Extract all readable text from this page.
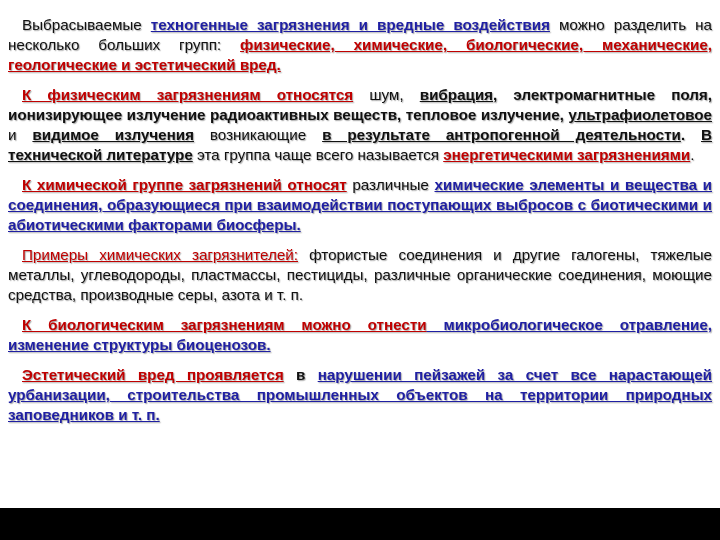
Выбрасываемые техногенные загрязнения и вредные воздействия можно разделить на несколько больших групп: физические, химические, биологические, механические, геологические и эстетический вред.

К физическим загрязнениям относятся шум, вибрация, электромагнитные поля, ионизирующее излучение радиоактивных веществ, тепловое излучение, ультрафиолетовое и видимое излучения возникающие в результате антропогенной деятельности. В технической литературе эта группа чаще всего называется энергетическими загрязнениями.

К химической группе загрязнений относят различные химические элементы и вещества и соединения, образующиеся при взаимодействии поступающих выбросов с биотическими и абиотическими факторами биосферы.

Примеры химических загрязнителей: фтористые соединения и другие галогены, тяжелые металлы, углеводороды, пластмассы, пестициды, различные органические соединения, моющие средства, производные серы, азота и т. п.

К биологическим загрязнениям можно отнести микробиологическое отравление, изменение структуры биоценозов.

Эстетический вред проявляется в нарушении пейзажей за счет все нарастающей урбанизации, строительства промышленных объектов на территории природных заповедников и т. п.
